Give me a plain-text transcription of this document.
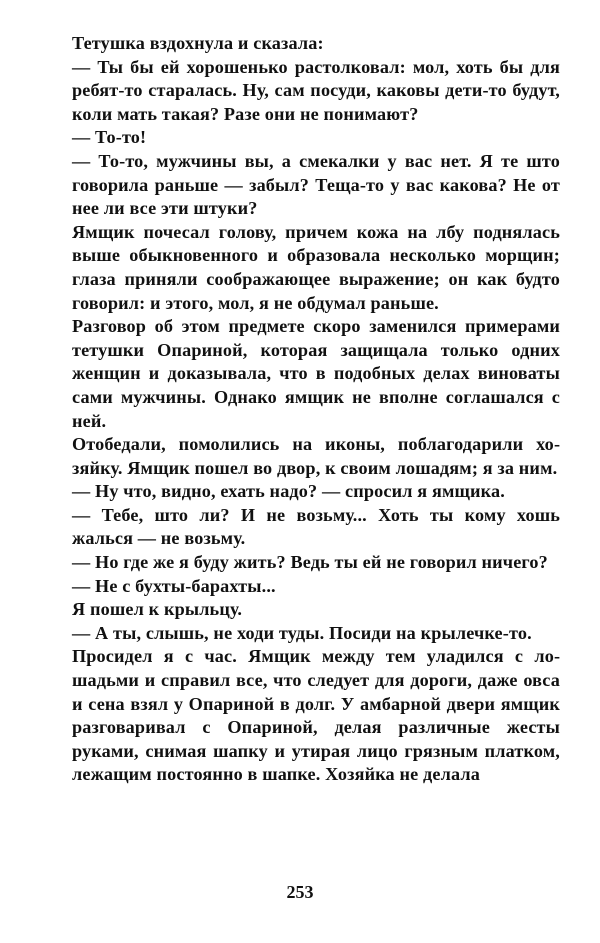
Тетушка вздохнула и сказала:

— Ты бы ей хорошенько растолковал: мол, хоть бы для ребят-то старалась. Ну, сам посуди, каковы дети-то будут, коли мать такая? Разе они не понимают?

— То-то!

— То-то, мужчины вы, а смекалки у вас нет. Я те што говорила раньше — забыл? Теща-то у вас какова? Не от нее ли все эти штуки?

Ямщик почесал голову, причем кожа на лбу поднялась выше обыкновенного и образовала несколько морщин; глаза приняли соображающее выражение; он как будто говорил: и этого, мол, я не обдумал раньше.

Разговор об этом предмете скоро заменился примерами тетушки Опариной, которая защищала только одних женщин и доказывала, что в подобных делах виноваты сами мужчины. Однако ямщик не вполне соглашался с ней.

Отобедали, помолились на иконы, поблагодарили хозяйку. Ямщик пошел во двор, к своим лошадям; я за ним.

— Ну что, видно, ехать надо? — спросил я ямщика.

— Тебе, што ли? И не возьму... Хоть ты кому хошь жалься — не возьму.

— Но где же я буду жить? Ведь ты ей не говорил ничего?

— Не с бухты-барахты...

Я пошел к крыльцу.

— А ты, слышь, не ходи туды. Посиди на крылечке-то.

Просидел я с час. Ямщик между тем уладился с лошадьми и справил все, что следует для дороги, даже овса и сена взял у Опариной в долг. У амбарной двери ямщик разговаривал с Опариной, делая различные жесты руками, снимая шапку и утирая лицо грязным платком, лежащим постоянно в шапке. Хозяйка не делала

253
